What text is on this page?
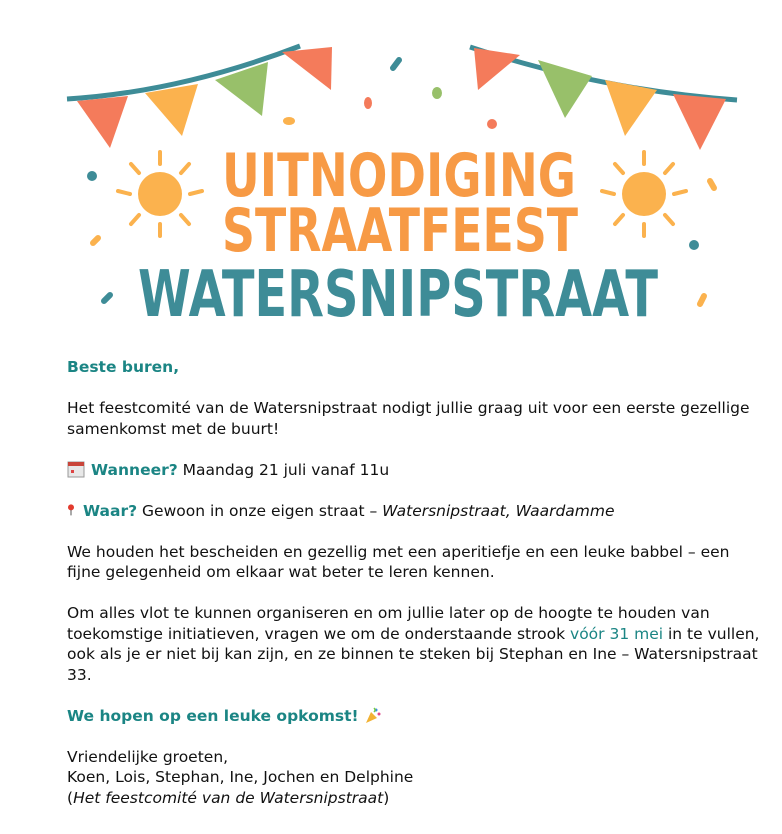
UITNODIGING
STRAATFEEST
WATERSNIPSTRAAT

Beste buren,

Het feestcomité van de Watersnipstraat nodigt jullie graag uit voor een eerste gezellige samenkomst met de buurt!

Wanneer? Maandag 21 juli vanaf 11u

Waar? Gewoon in onze eigen straat – Watersnipstraat, Waardamme

We houden het bescheiden en gezellig met een aperitiefje en een leuke babbel – een fijne gelegenheid om elkaar wat beter te leren kennen.

Om alles vlot te kunnen organiseren en om jullie later op de hoogte te houden van toekomstige initiatieven, vragen we om de onderstaande strook vóór 31 mei in te vullen, ook als je er niet bij kan zijn, en ze binnen te steken bij Stephan en Ine – Watersnipstraat 33.

We hopen op een leuke opkomst!

Vriendelijke groeten,
Koen, Lois, Stephan, Ine, Jochen en Delphine
(Het feestcomité van de Watersnipstraat)
